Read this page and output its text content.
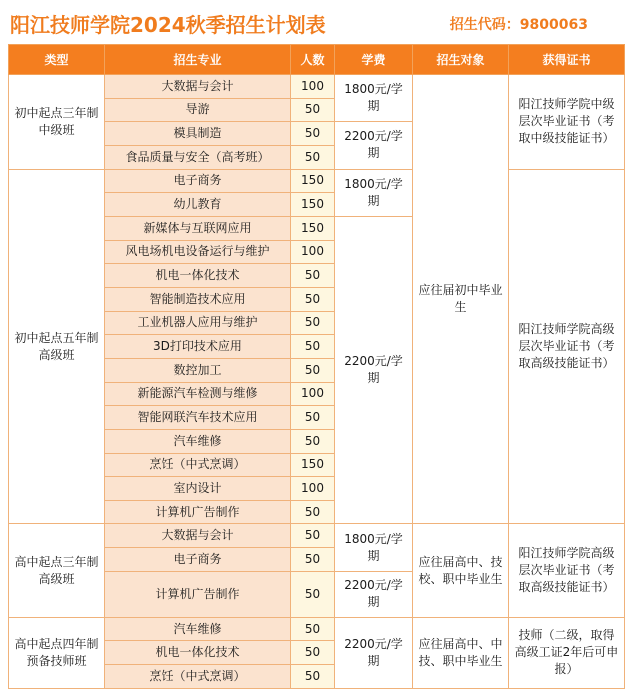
阳江技师学院2024秋季招生计划表	招生代码：9800063
类型	招生专业	人数	学费	招生对象	获得证书
初中起点三年制中级班	大数据与会计	100	1800元/学期	应往届初中毕业生	阳江技师学院中级层次毕业证书（考取中级技能证书）
	导游	50			
	模具制造	50	2200元/学期		
	食品质量与安全（高考班）	50			
初中起点五年制高级班	电子商务	150	1800元/学期		阳江技师学院高级层次毕业证书（考取高级技能证书）
	幼儿教育	150			
	新媒体与互联网应用	150	2200元/学期		
	风电场机电设备运行与维护	100			
	机电一体化技术	50			
	智能制造技术应用	50			
	工业机器人应用与维护	50			
	3D打印技术应用	50			
	数控加工	50			
	新能源汽车检测与维修	100			
	智能网联汽车技术应用	50			
	汽车维修	50			
	烹饪（中式烹调）	150			
	室内设计	100			
	计算机广告制作	50			
高中起点三年制高级班	大数据与会计	50	1800元/学期	应往届高中、技校、职中毕业生	阳江技师学院高级层次毕业证书（考取高级技能证书）
	电子商务	50			
	计算机广告制作	50	2200元/学期		
高中起点四年制预备技师班	汽车维修	50	2200元/学期	应往届高中、中技、职中毕业生	技师（二级，取得高级工证2年后可申报）
	机电一体化技术	50			
	烹饪（中式烹调）	50			
